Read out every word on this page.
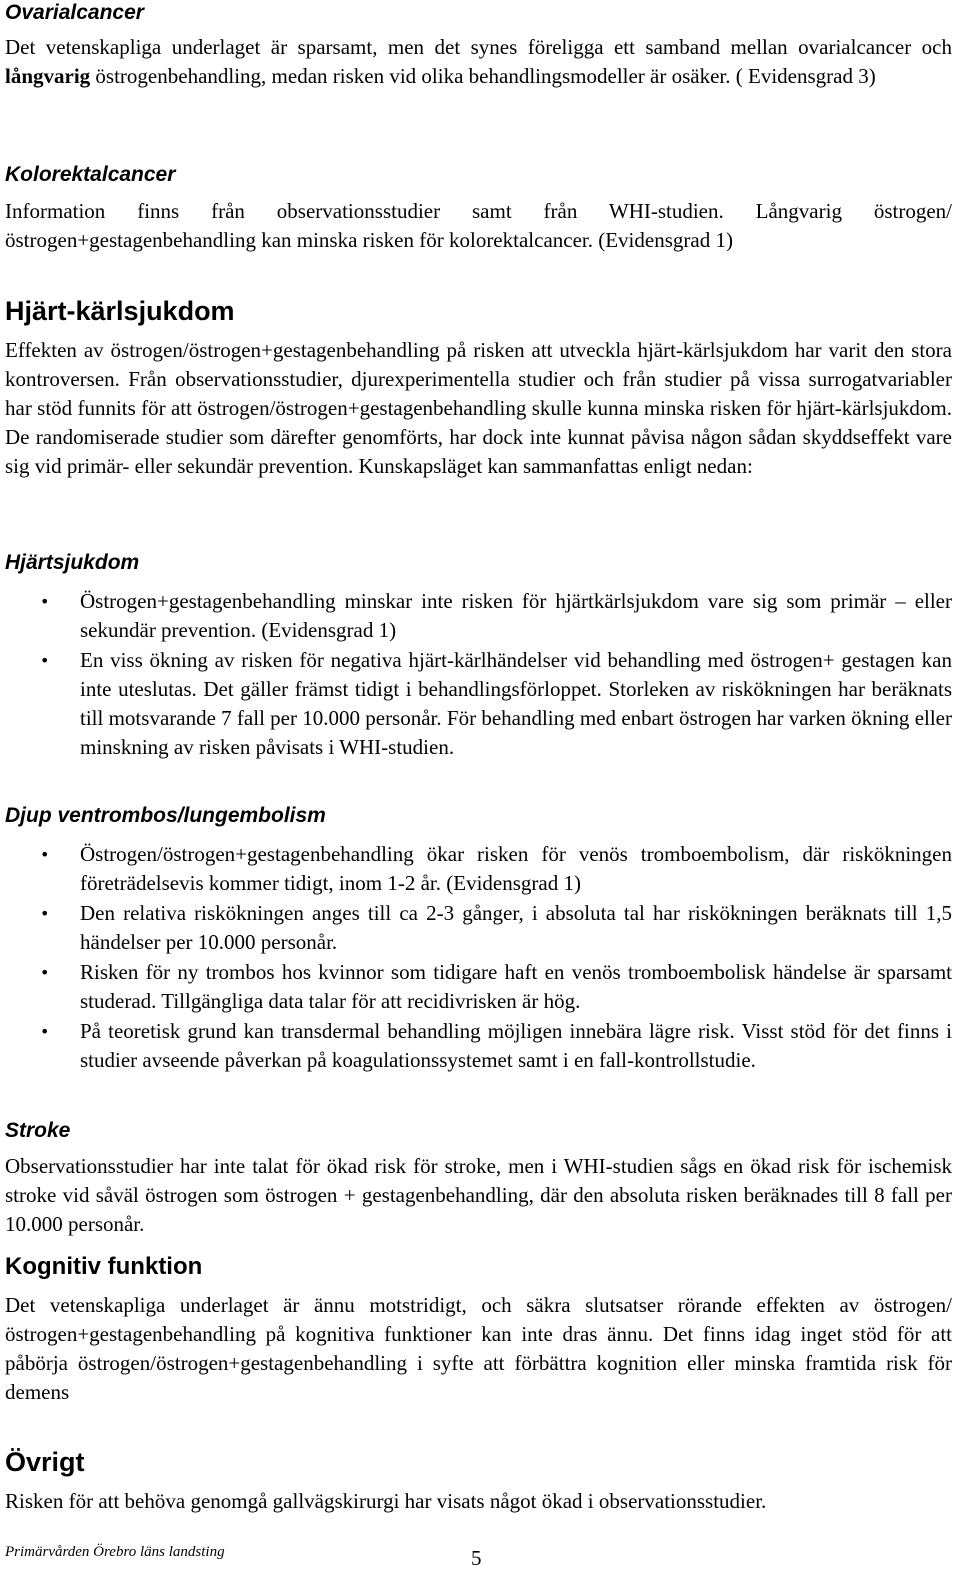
Ovarialcancer
Det vetenskapliga underlaget är sparsamt, men det synes föreligga ett samband mellan ovarialcancer och långvarig östrogenbehandling, medan risken vid olika behandlingsmodeller är osäker. ( Evidensgrad 3)
Kolorektalcancer
Information finns från observationsstudier samt från WHI-studien. Långvarig östrogen/östrogen+gestagenbehandling kan minska risken för kolorektalcancer. (Evidensgrad 1)
Hjärt-kärlsjukdom
Effekten av östrogen/östrogen+gestagenbehandling på risken att utveckla hjärt-kärlsjukdom har varit den stora kontroversen. Från observationsstudier, djurexperimentella studier och från studier på vissa surrogatvariabler har stöd funnits för att östrogen/östrogen+gestagenbehandling skulle kunna minska risken för hjärt-kärlsjukdom. De randomiserade studier som därefter genomförts, har dock inte kunnat påvisa någon sådan skyddseffekt vare sig vid primär- eller sekundär prevention. Kunskapsläget kan sammanfattas enligt nedan:
Hjärtsjukdom
• Östrogen+gestagenbehandling minskar inte risken för hjärtkärlsjukdom vare sig som primär – eller sekundär prevention. (Evidensgrad 1)
• En viss ökning av risken för negativa hjärt-kärlhändelser vid behandling med östrogen+ gestagen kan inte uteslutas. Det gäller främst tidigt i behandlingsförloppet. Storleken av riskökningen har beräknats till motsvarande 7 fall per 10.000 personår. För behandling med enbart östrogen har varken ökning eller minskning av risken påvisats i WHI-studien.
Djup ventrombos/lungembolism
• Östrogen/östrogen+gestagenbehandling ökar risken för venös tromboembolism, där riskökningen företrädelsevis kommer tidigt, inom 1-2 år. (Evidensgrad 1)
• Den relativa riskökningen anges till ca 2-3 gånger, i absoluta tal har riskökningen beräknats till 1,5 händelser per 10.000 personår.
• Risken för ny trombos hos kvinnor som tidigare haft en venös tromboembolisk händelse är sparsamt studerad. Tillgängliga data talar för att recidivrisken är hög.
• På teoretisk grund kan transdermal behandling möjligen innebära lägre risk. Visst stöd för det finns i studier avseende påverkan på koagulationssystemet samt i en fall-kontrollstudie.
Stroke
Observationsstudier har inte talat för ökad risk för stroke, men i WHI-studien sågs en ökad risk för ischemisk stroke vid såväl östrogen som östrogen + gestagenbehandling, där den absoluta risken beräknades till 8 fall per 10.000 personår.
Kognitiv funktion
Det vetenskapliga underlaget är ännu motstridigt, och säkra slutsatser rörande effekten av östrogen/östrogen+gestagenbehandling på kognitiva funktioner kan inte dras ännu. Det finns idag inget stöd för att påbörja östrogen/östrogen+gestagenbehandling i syfte att förbättra kognition eller minska framtida risk för demens
Övrigt
Risken för att behöva genomgå gallvägskirurgi har visats något ökad i observationsstudier.
Primärvården Örebro läns landsting	5
